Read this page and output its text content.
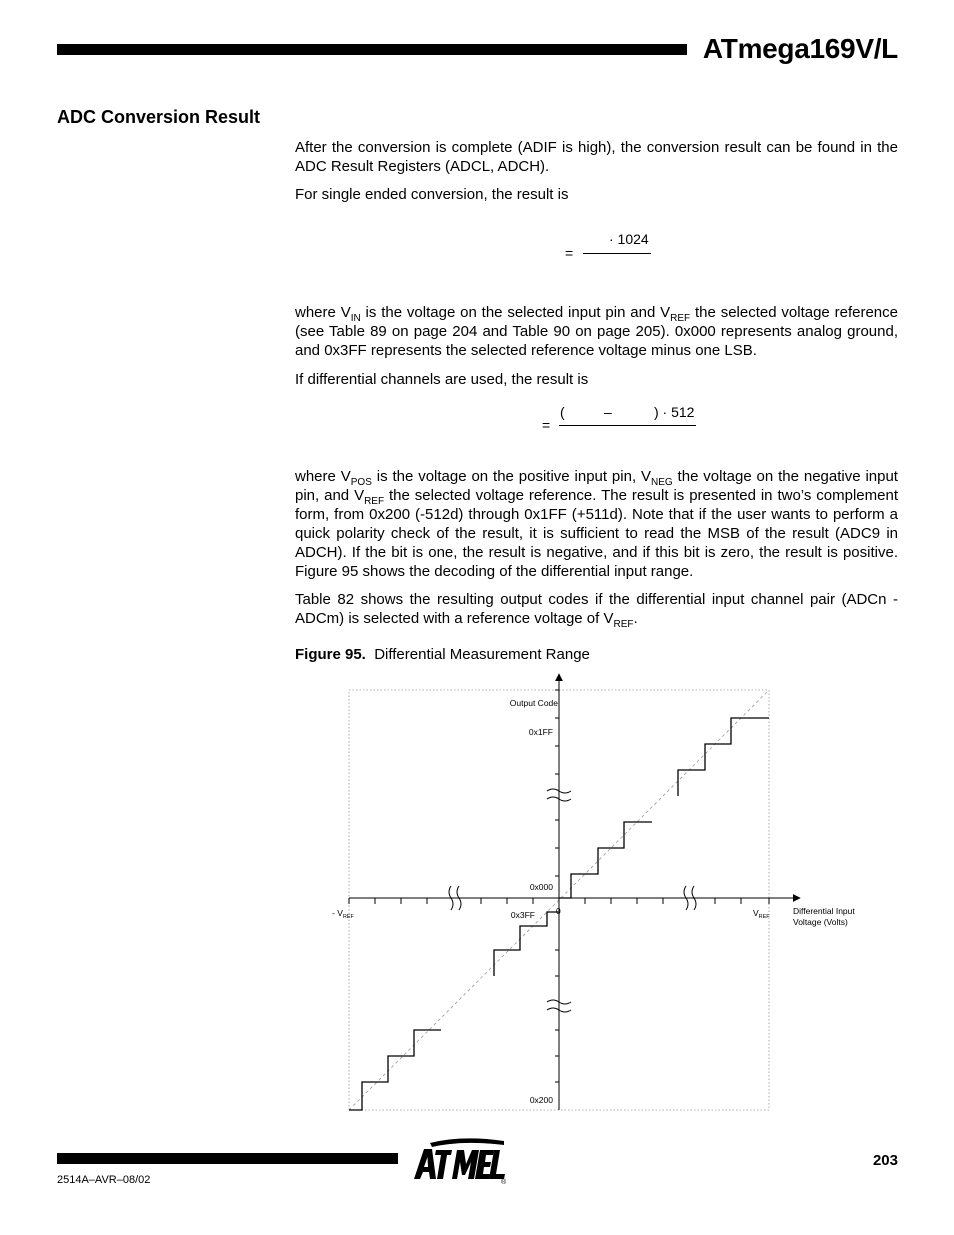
ATmega169V/L
ADC Conversion Result
After the conversion is complete (ADIF is high), the conversion result can be found in the ADC Result Registers (ADCL, ADCH).
For single ended conversion, the result is
· 1024
=
where $V_{IN}$ is the voltage on the selected input pin and $V_{REF}$ the selected voltage reference (see Table 89 on page 204 and Table 90 on page 205). 0x000 represents analog ground, and 0x3FF represents the selected reference voltage minus one LSB.
If differential channels are used, the result is
(	–	) · 512
=
where $V_{POS}$ is the voltage on the positive input pin, $V_{NEG}$ the voltage on the negative input pin, and $V_{REF}$ the selected voltage reference. The result is presented in two’s complement form, from 0x200 (-512d) through 0x1FF (+511d). Note that if the user wants to perform a quick polarity check of the result, it is sufficient to read the MSB of the result (ADC9 in ADCH). If the bit is one, the result is negative, and if this bit is zero, the result is positive. Figure 95 shows the decoding of the differential input range.
Table 82 shows the resulting output codes if the differential input channel pair (ADCn - ADCm) is selected with a reference voltage of $V_{REF}$.
Figure 95. Differential Measurement Range
Output Code
0x1FF
0x000
0x3FF
0x200
0
- $V_{REF}$	$V_{REF}$
Differential Input
Voltage (Volts)
203
2514A–AVR–08/02	®
